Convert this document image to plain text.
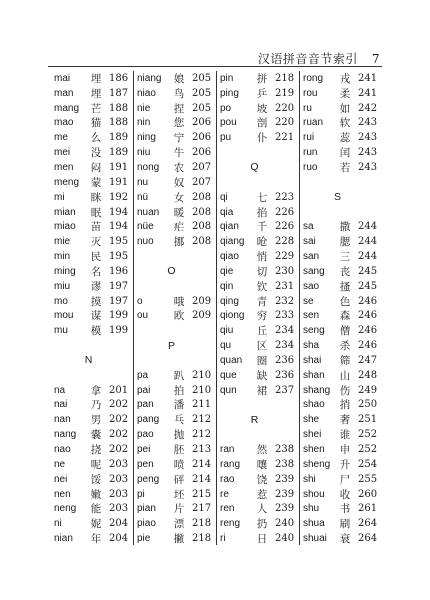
汉语拼音音节索引 7
mai	埋 186
man	埋 187
mang	芒 188
mao	猫 188
me	么 189
mei	没 189
men	闷 191
meng	蒙 191
mi	眯 192
mian	眠 194
miao	苗 194
mie	灭 195
min	民 195
ming	名 196
miu	谬 197
mo	摸 197
mou	谋 199
mu	模 199
N
na	拿 201
nai	乃 202
nan	男 202
nang	囊 202
nao	挠 202
ne	呢 203
nei	馁 203
nen	嫩 203
neng	能 203
ni	妮 204
nian	年 204
niang	娘 205
niao	鸟 205
nie	捏 205
nin	您 206
ning	宁 206
niu	牛 206
nong	农 207
nu	奴 207
nü	女 208
nuan	暖 208
nüe	疟 208
nuo	挪 208
O
o	哦 209
ou	欧 209
P
pa	趴 210
pai	拍 210
pan	潘 211
pang	乓 212
pao	抛 212
pei	胚 213
pen	喷 214
peng	砰 214
pi	坯 215
pian	片 217
piao	漂 218
pie	撇 218
pin	拼 218
ping	乒 219
po	坡 220
pou	剖 220
pu	仆 221
Q
qi	七 223
qia	掐 226
qian	千 226
qiang	呛 228
qiao	悄 229
qie	切 230
qin	钦 231
qing	青 232
qiong	穷 233
qiu	丘 234
qu	区 234
quan	圈 236
que	缺 236
qun	裙 237
R
ran	然 238
rang	嚷 238
rao	饶 239
re	惹 239
ren	人 239
reng	扔 240
ri	日 240
rong	戎 241
rou	柔 241
ru	如 242
ruan	软 243
rui	蕊 243
run	闰 243
ruo	若 243
S
sa	撒 244
sai	腮 244
san	三 244
sang	丧 245
sao	搔 245
se	色 246
sen	森 246
seng	僧 246
sha	杀 246
shai	筛 247
shan	山 248
shang 伤 249
shao	捎 250
she	奢 251
shei	谁 252
shen	申 252
sheng 升 254
shi	尸 255
shou	收 260
shu	书 261
shua	刷 264
shuai	衰 264
